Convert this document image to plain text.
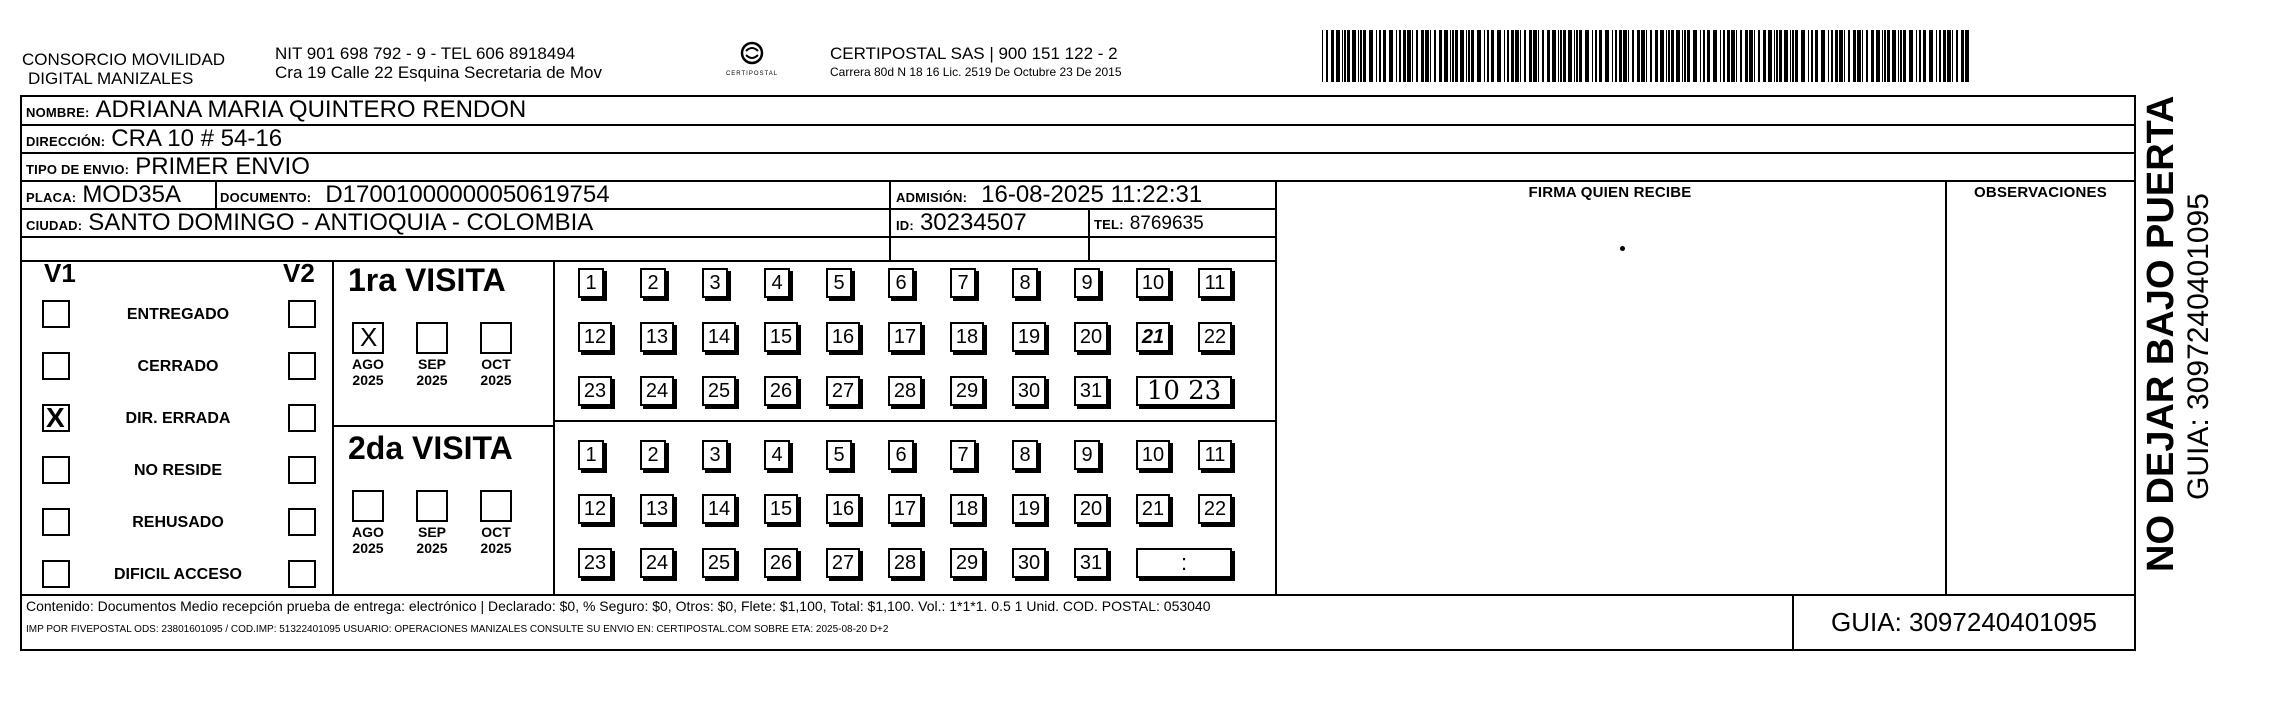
CONSORCIO MOVILIDAD
DIGITAL MANIZALES
NIT 901 698 792 - 9 - TEL 606 8918494
Cra 19 Calle 22 Esquina Secretaria de Mov	CERTIPOSTAL
CERTIPOSTAL SAS | 900 151 122 - 2
Carrera 80d N 18 16 Lic. 2519 De Octubre 23 De 2015
NOMBRE: ADRIANA MARIA QUINTERO RENDON
DIRECCIÓN: CRA 10 # 54-16
TIPO DE ENVIO: PRIMER ENVIO
PLACA: MOD35A	DOCUMENTO: D17001000000050619754	ADMISIÓN: 16-08-2025 11:22:31
CIUDAD: SANTO DOMINGO - ANTIOQUIA - COLOMBIA	ID: 30234507	TEL: 8769635
FIRMA QUIEN RECIBE	OBSERVACIONES
V1	V2
ENTREGADO
CERRADO
X	DIR. ERRADA
NO RESIDE
REHUSADO
DIFICIL ACCESO
1ra VISITA
2da VISITA
X
AGO
2025
SEP
2025
OCT
2025
AGO
2025
SEP
2025
OCT
2025
1	2	3	4	5	6	7	8	9	10	11
12 13 14 15 16 17 18 19 20 21 22
23 24 25 26 27 28 29 30 31	10 23
1	2	3	4	5	6	7	8	9	10	11
12 13 14 15 16 17 18 19 20 21 22
23 24 25 26 27 28 29 30 31	:
Contenido: Documentos Medio recepción prueba de entrega: electrónico | Declarado: $0, % Seguro: $0, Otros: $0, Flete: $1,100, Total: $1,100. Vol.: 1*1*1. 0.5 1 Unid. COD. POSTAL: 053040
IMP POR FIVEPOSTAL ODS: 23801601095 / COD.IMP: 51322401095 USUARIO: OPERACIONES MANIZALES CONSULTE SU ENVIO EN: CERTIPOSTAL.COM SOBRE ETA: 2025-08-20 D+2	GUIA: 3097240401095
NO DEJAR BAJO PUERTA GUIA: 3097240401095
